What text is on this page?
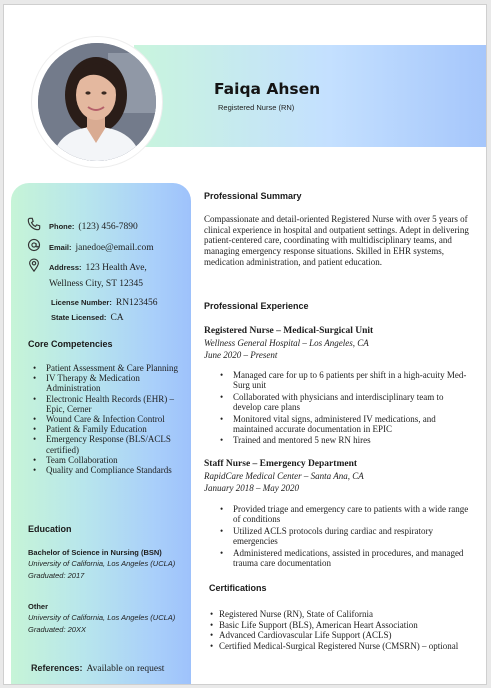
Faiqa Ahsen
Registered Nurse (RN)
Phone: (123) 456-7890
Email: janedoe@email.com
Address: 123 Health Ave,
Wellness City, ST 12345
License Number: RN123456
State Licensed: CA
Core Competencies
• Patient Assessment & Care Planning
• IV Therapy & Medication Administration
• Electronic Health Records (EHR) – Epic, Cerner
• Wound Care & Infection Control
• Patient & Family Education
• Emergency Response (BLS/ACLS certified)
• Team Collaboration
• Quality and Compliance Standards
Education
Bachelor of Science in Nursing (BSN)
University of California, Los Angeles (UCLA)
Graduated: 2017
Other
University of California, Los Angeles (UCLA)
Graduated: 20XX
References: Available on request
Professional Summary
Compassionate and detail-oriented Registered Nurse with over 5 years of clinical experience in hospital and outpatient settings. Adept in delivering patient-centered care, coordinating with multidisciplinary teams, and managing emergency response situations. Skilled in EHR systems, medication administration, and patient education.
Professional Experience
Registered Nurse – Medical-Surgical Unit
Wellness General Hospital – Los Angeles, CA
June 2020 – Present
• Managed care for up to 6 patients per shift in a high-acuity Med-Surg unit
• Collaborated with physicians and interdisciplinary team to develop care plans
• Monitored vital signs, administered IV medications, and maintained accurate documentation in EPIC
• Trained and mentored 5 new RN hires
Staff Nurse – Emergency Department
RapidCare Medical Center – Santa Ana, CA
January 2018 – May 2020
• Provided triage and emergency care to patients with a wide range of conditions
• Utilized ACLS protocols during cardiac and respiratory emergencies
• Administered medications, assisted in procedures, and managed trauma care documentation
Certifications
• Registered Nurse (RN), State of California
• Basic Life Support (BLS), American Heart Association
• Advanced Cardiovascular Life Support (ACLS)
• Certified Medical-Surgical Registered Nurse (CMSRN) – optional
